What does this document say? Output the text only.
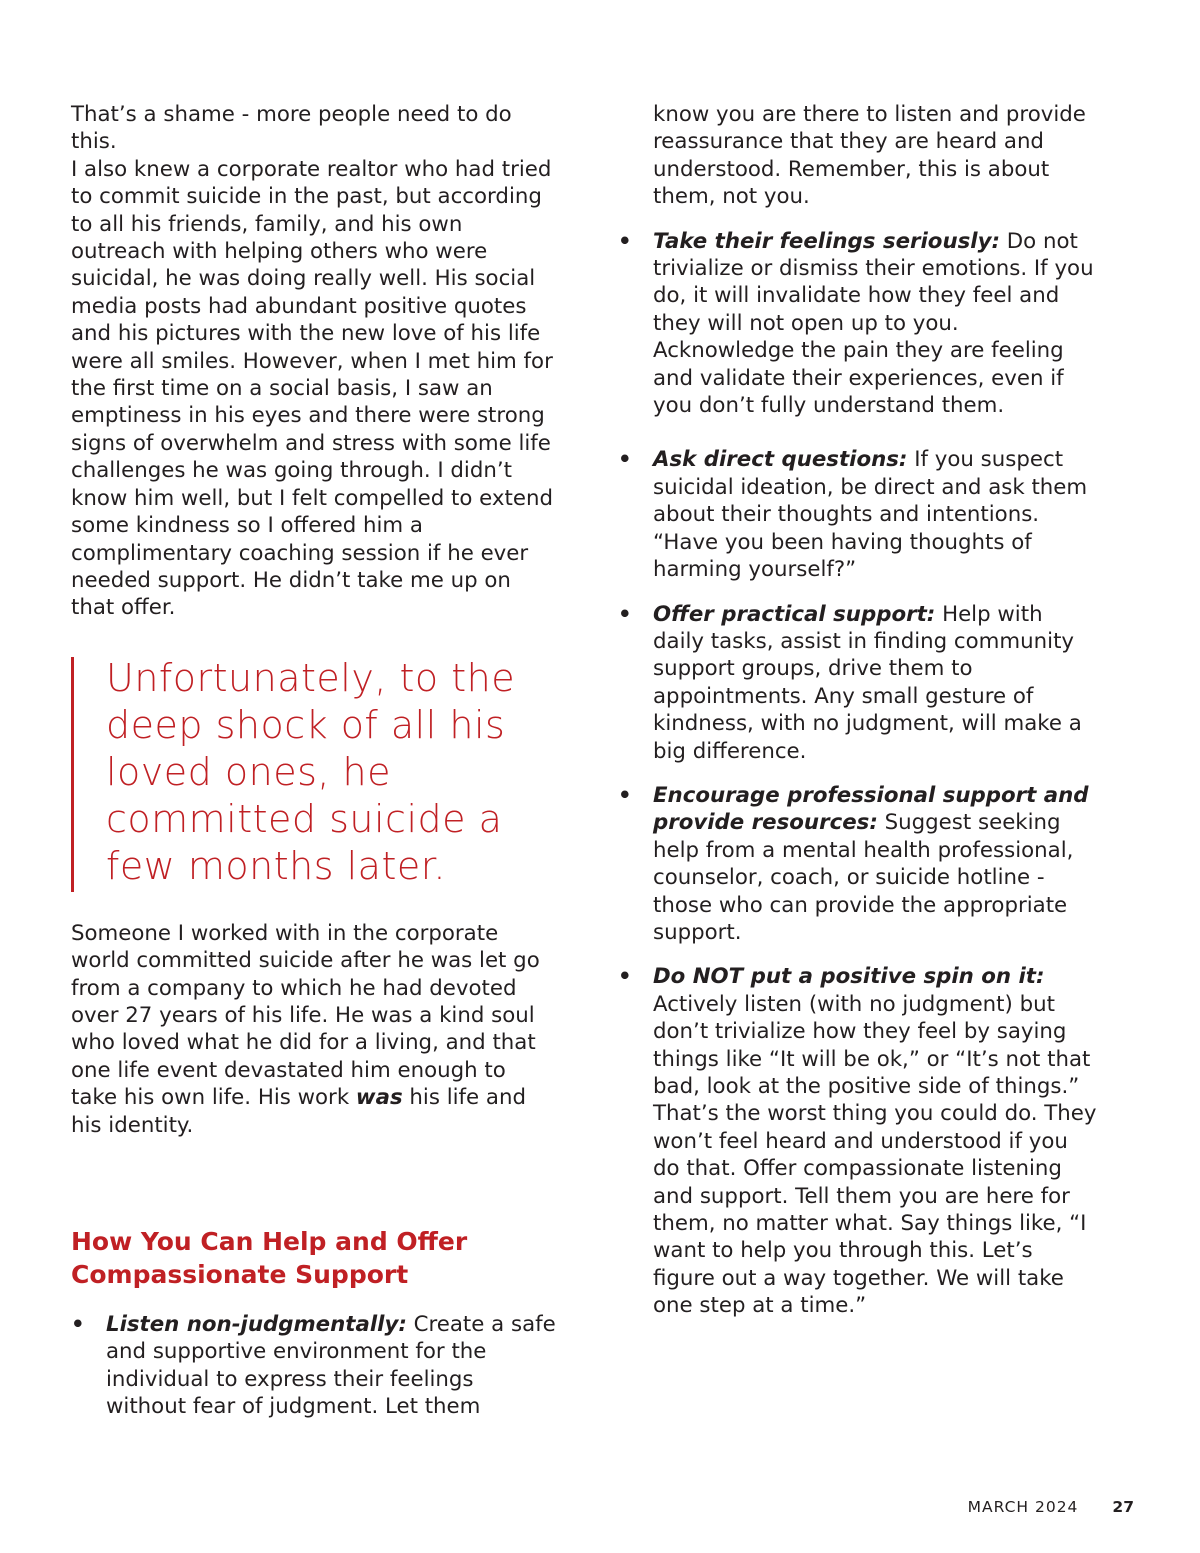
That’s a shame - more people need to do this.

I also knew a corporate realtor who had tried to commit suicide in the past, but according to all his friends, family, and his own outreach with helping others who were suicidal, he was doing really well. His social media posts had abundant positive quotes and his pictures with the new love of his life were all smiles. However, when I met him for the first time on a social basis, I saw an emptiness in his eyes and there were strong signs of overwhelm and stress with some life challenges he was going through. I didn’t know him well, but I felt compelled to extend some kindness so I offered him a complimentary coaching session if he ever needed support. He didn’t take me up on that offer.

Unfortunately, to the deep shock of all his loved ones, he committed suicide a few months later.

Someone I worked with in the corporate world committed suicide after he was let go from a company to which he had devoted over 27 years of his life. He was a kind soul who loved what he did for a living, and that one life event devastated him enough to take his own life. His work was his life and his identity.

How You Can Help and Offer Compassionate Support
• Listen non-judgmentally: Create a safe and supportive environment for the individual to express their feelings without fear of judgment. Let them

know you are there to listen and provide reassurance that they are heard and understood. Remember, this is about them, not you.

• Take their feelings seriously: Do not trivialize or dismiss their emotions. If you do, it will invalidate how they feel and they will not open up to you. Acknowledge the pain they are feeling and validate their experiences, even if you don’t fully understand them.
• Ask direct questions: If you suspect suicidal ideation, be direct and ask them about their thoughts and intentions. “Have you been having thoughts of harming yourself?”
• Offer practical support: Help with daily tasks, assist in finding community support groups, drive them to appointments. Any small gesture of kindness, with no judgment, will make a big difference.
• Encourage professional support and provide resources: Suggest seeking help from a mental health professional, counselor, coach, or suicide hotline - those who can provide the appropriate support.
• Do NOT put a positive spin on it: Actively listen (with no judgment) but don’t trivialize how they feel by saying things like “It will be ok,” or “It’s not that bad, look at the positive side of things.” That’s the worst thing you could do. They won’t feel heard and understood if you do that. Offer compassionate listening and support. Tell them you are here for them, no matter what. Say things like, “I want to help you through this. Let’s figure out a way together. We will take one step at a time.”
MARCH 2024 27
